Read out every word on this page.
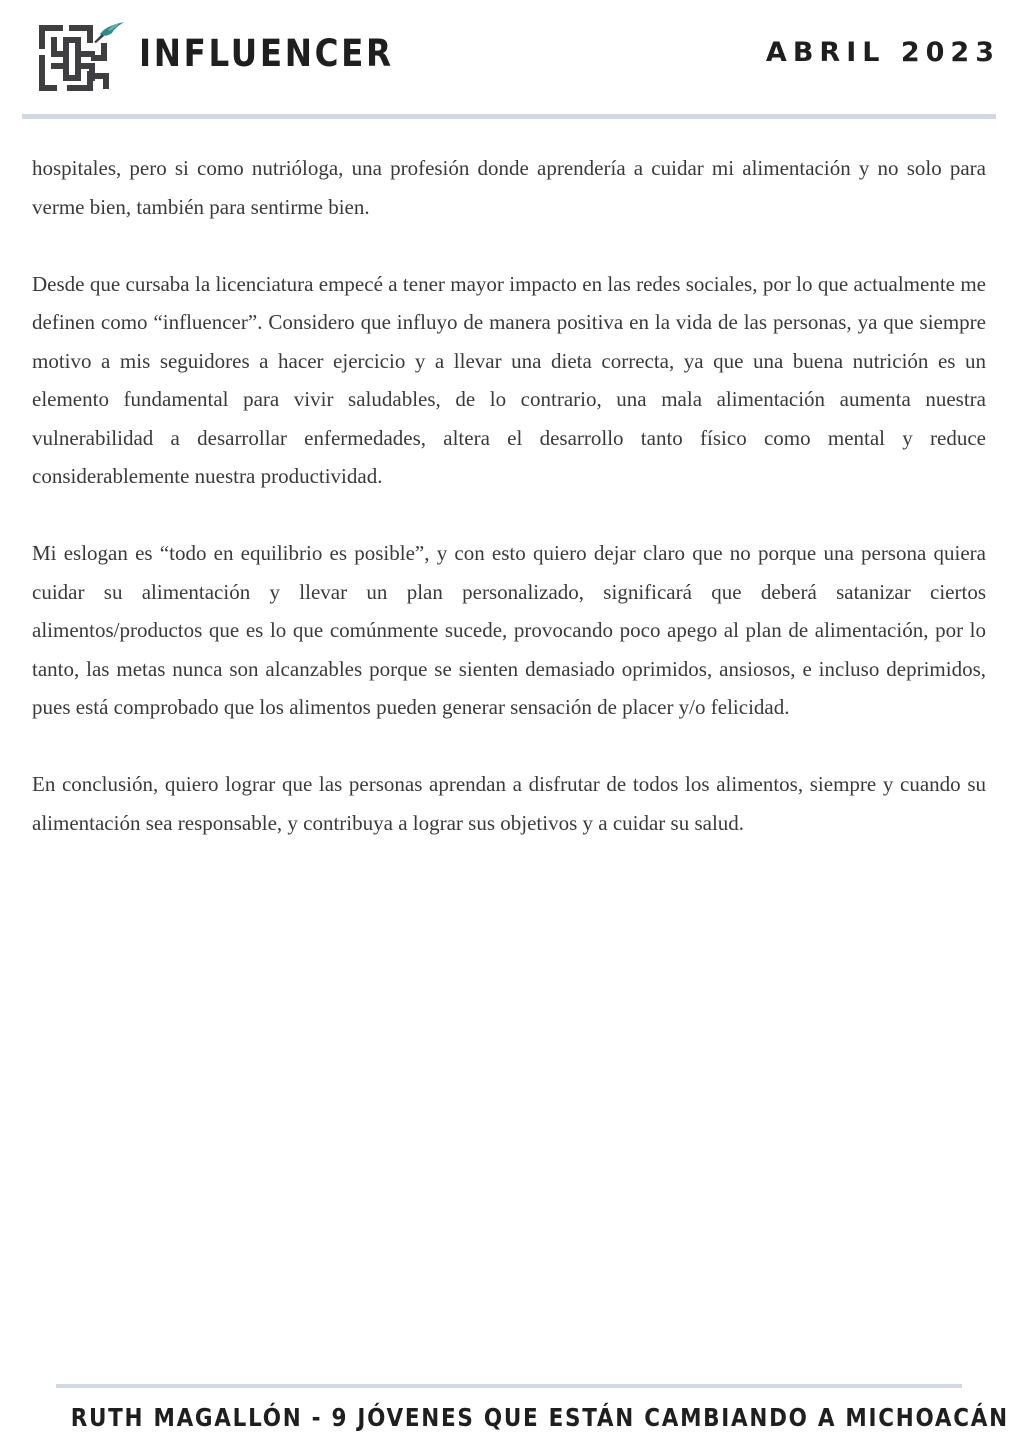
INFLUENCER	ABRIL 2023

hospitales, pero si como nutrióloga, una profesión donde aprendería a cuidar mi alimentación y no solo para verme bien, también para sentirme bien.

Desde que cursaba la licenciatura empecé a tener mayor impacto en las redes sociales, por lo que actualmente me definen como “influencer”. Considero que influyo de manera positiva en la vida de las personas, ya que siempre motivo a mis seguidores a hacer ejercicio y a llevar una dieta correcta, ya que una buena nutrición es un elemento fundamental para vivir saludables, de lo contrario, una mala alimentación aumenta nuestra vulnerabilidad a desarrollar enfermedades, altera el desarrollo tanto físico como mental y reduce considerablemente nuestra productividad.

Mi eslogan es “todo en equilibrio es posible”, y con esto quiero dejar claro que no porque una persona quiera cuidar su alimentación y llevar un plan personalizado, significará que deberá satanizar ciertos alimentos/productos que es lo que comúnmente sucede, provocando poco apego al plan de alimentación, por lo tanto, las metas nunca son alcanzables porque se sienten demasiado oprimidos, ansiosos, e incluso deprimidos, pues está comprobado que los alimentos pueden generar sensación de placer y/o felicidad.

En conclusión, quiero lograr que las personas aprendan a disfrutar de todos los alimentos, siempre y cuando su alimentación sea responsable, y contribuya a lograr sus objetivos y a cuidar su salud.

RUTH MAGALLÓN - 9 JÓVENES QUE ESTÁN CAMBIANDO A MICHOACÁN
